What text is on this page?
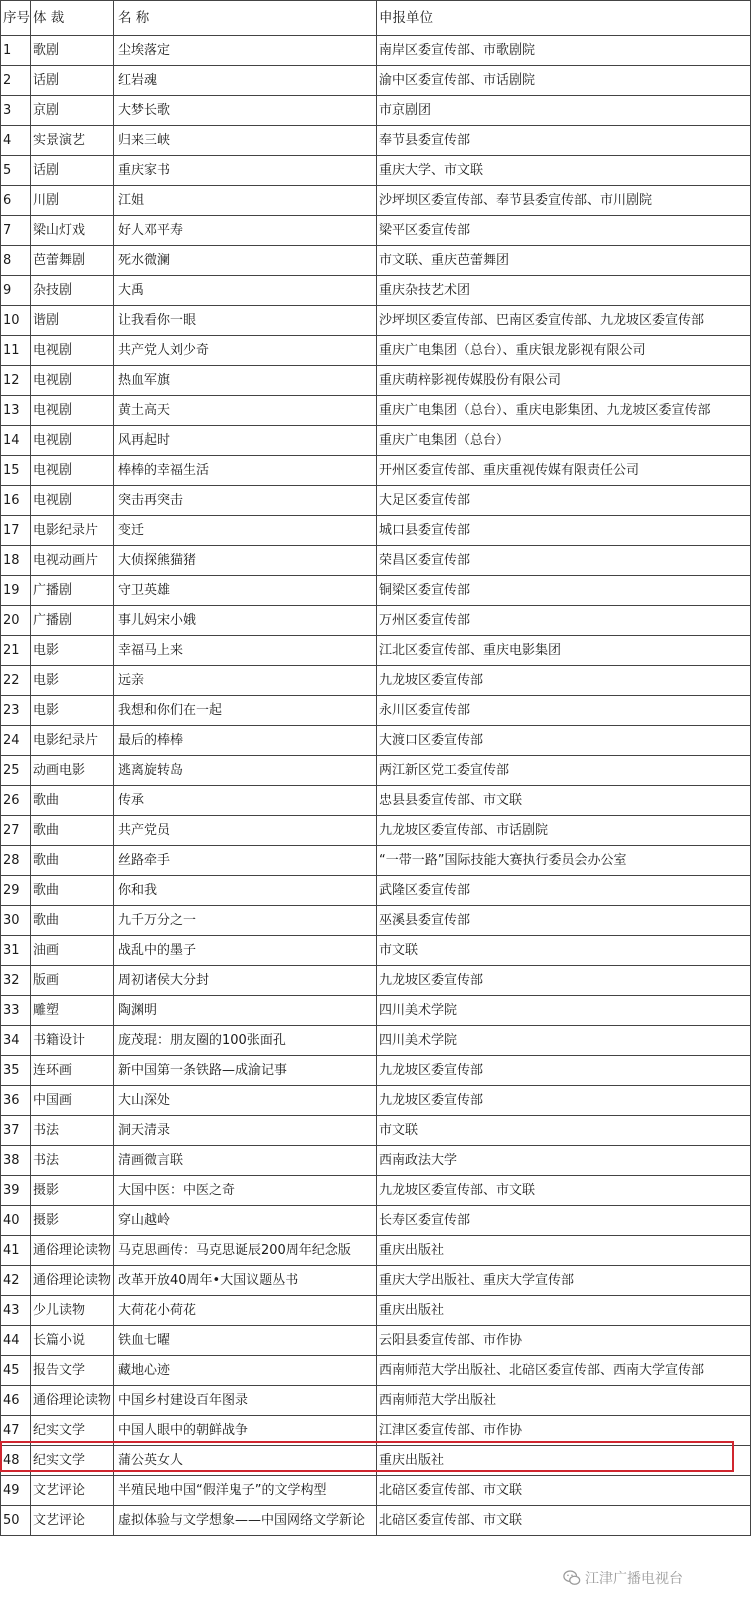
序号	体 裁	名 称	申报单位
1	歌剧	尘埃落定	南岸区委宣传部、市歌剧院
2	话剧	红岩魂	渝中区委宣传部、市话剧院
3	京剧	大梦长歌	市京剧团
4	实景演艺	归来三峡	奉节县委宣传部
5	话剧	重庆家书	重庆大学、市文联
6	川剧	江姐	沙坪坝区委宣传部、奉节县委宣传部、市川剧院
7	梁山灯戏	好人邓平寿	梁平区委宣传部
8	芭蕾舞剧	死水微澜	市文联、重庆芭蕾舞团
9	杂技剧	大禹	重庆杂技艺术团
10	谐剧	让我看你一眼	沙坪坝区委宣传部、巴南区委宣传部、九龙坡区委宣传部
11	电视剧	共产党人刘少奇	重庆广电集团（总台）、重庆银龙影视有限公司
12	电视剧	热血军旗	重庆萌梓影视传媒股份有限公司
13	电视剧	黄土高天	重庆广电集团（总台）、重庆电影集团、九龙坡区委宣传部
14	电视剧	风再起时	重庆广电集团（总台）
15	电视剧	棒棒的幸福生活	开州区委宣传部、重庆重视传媒有限责任公司
16	电视剧	突击再突击	大足区委宣传部
17	电影纪录片	变迁	城口县委宣传部
18	电视动画片	大侦探熊猫猪	荣昌区委宣传部
19	广播剧	守卫英雄	铜梁区委宣传部
20	广播剧	事儿妈宋小娥	万州区委宣传部
21	电影	幸福马上来	江北区委宣传部、重庆电影集团
22	电影	远亲	九龙坡区委宣传部
23	电影	我想和你们在一起	永川区委宣传部
24	电影纪录片	最后的棒棒	大渡口区委宣传部
25	动画电影	逃离旋转岛	两江新区党工委宣传部
26	歌曲	传承	忠县县委宣传部、市文联
27	歌曲	共产党员	九龙坡区委宣传部、市话剧院
28	歌曲	丝路牵手	“一带一路”国际技能大赛执行委员会办公室
29	歌曲	你和我	武隆区委宣传部
30	歌曲	九千万分之一	巫溪县委宣传部
31	油画	战乱中的墨子	市文联
32	版画	周初诸侯大分封	九龙坡区委宣传部
33	雕塑	陶渊明	四川美术学院
34	书籍设计	庞茂琨：朋友圈的100张面孔	四川美术学院
35	连环画	新中国第一条铁路—成渝记事	九龙坡区委宣传部
36	中国画	大山深处	九龙坡区委宣传部
37	书法	洞天清录	市文联
38	书法	清画微言联	西南政法大学
39	摄影	大国中医：中医之奇	九龙坡区委宣传部、市文联
40	摄影	穿山越岭	长寿区委宣传部
41	通俗理论读物	马克思画传：马克思诞辰200周年纪念版	重庆出版社
42	通俗理论读物	改革开放40周年•大国议题丛书	重庆大学出版社、重庆大学宣传部
43	少儿读物	大荷花小荷花	重庆出版社
44	长篇小说	铁血七曜	云阳县委宣传部、市作协
45	报告文学	藏地心迹	西南师范大学出版社、北碚区委宣传部、西南大学宣传部
46	通俗理论读物	中国乡村建设百年图录	西南师范大学出版社
47	纪实文学	中国人眼中的朝鲜战争	江津区委宣传部、市作协
48	纪实文学	蒲公英女人	重庆出版社
49	文艺评论	半殖民地中国“假洋鬼子”的文学构型	北碚区委宣传部、市文联
50	文艺评论	虚拟体验与文学想象——中国网络文学新论	北碚区委宣传部、市文联
江津广播电视台
